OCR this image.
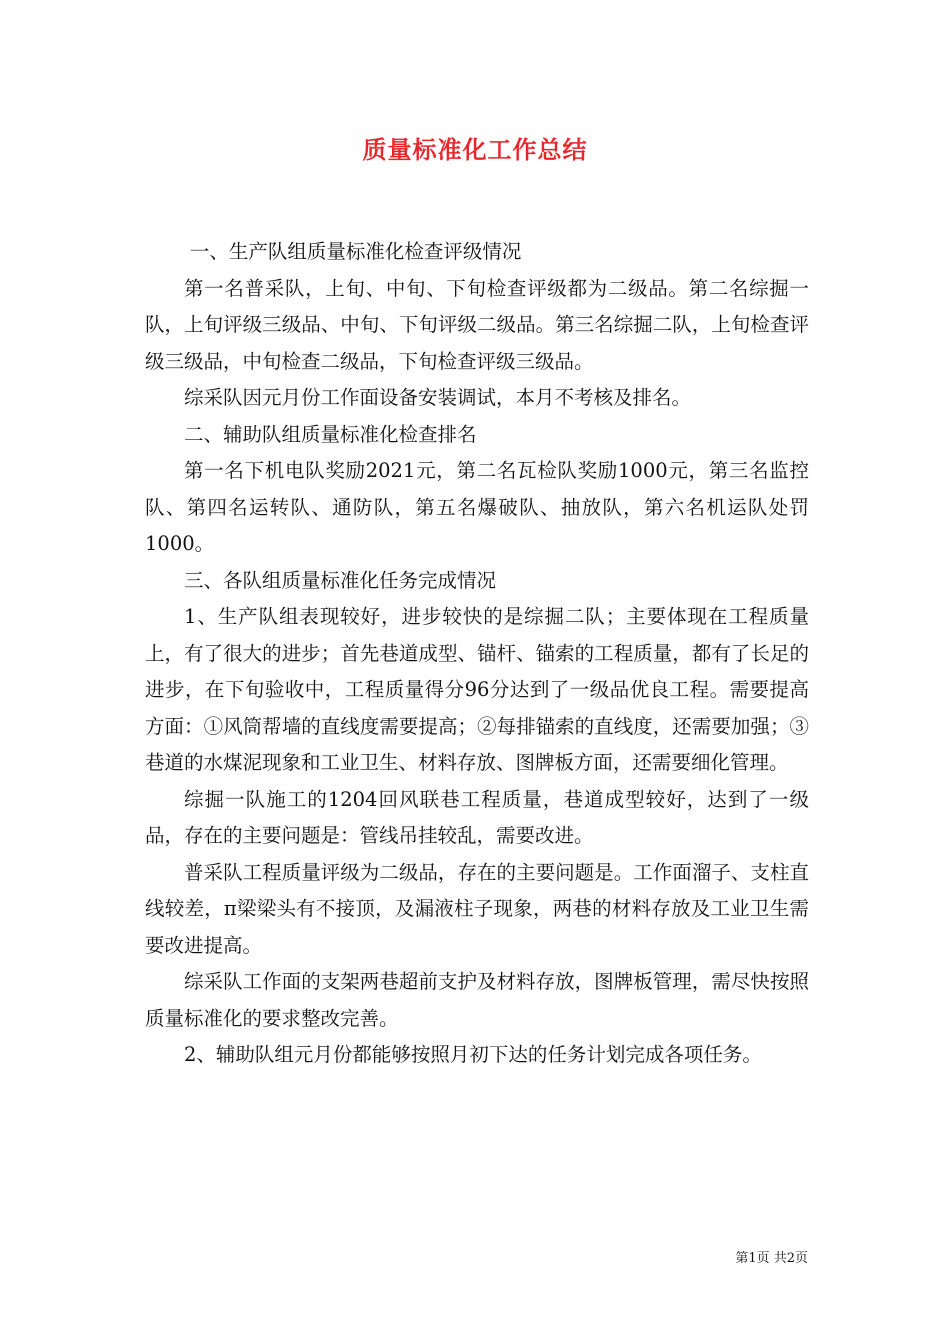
质量标准化工作总结

一、生产队组质量标准化检查评级情况

第一名普采队，上旬、中旬、下旬检查评级都为二级品。第二名综掘一队，上旬评级三级品、中旬、下旬评级二级品。第三名综掘二队，上旬检查评级三级品，中旬检查二级品，下旬检查评级三级品。

综采队因元月份工作面设备安装调试，本月不考核及排名。

二、辅助队组质量标准化检查排名

第一名下机电队奖励2021元，第二名瓦检队奖励1000元，第三名监控队、第四名运转队、通防队，第五名爆破队、抽放队，第六名机运队处罚1000。

三、各队组质量标准化任务完成情况

1、生产队组表现较好，进步较快的是综掘二队；主要体现在工程质量上，有了很大的进步；首先巷道成型、锚杆、锚索的工程质量，都有了长足的进步，在下旬验收中，工程质量得分96分达到了一级品优良工程。需要提高方面：①风筒帮墙的直线度需要提高；②每排锚索的直线度，还需要加强；③巷道的水煤泥现象和工业卫生、材料存放、图牌板方面，还需要细化管理。

综掘一队施工的1204回风联巷工程质量，巷道成型较好，达到了一级品，存在的主要问题是：管线吊挂较乱，需要改进。

普采队工程质量评级为二级品，存在的主要问题是。工作面溜子、支柱直线较差，π梁梁头有不接顶，及漏液柱子现象，两巷的材料存放及工业卫生需要改进提高。

综采队工作面的支架两巷超前支护及材料存放，图牌板管理，需尽快按照质量标准化的要求整改完善。

2、辅助队组元月份都能够按照月初下达的任务计划完成各项任务。

第1页 共2页
